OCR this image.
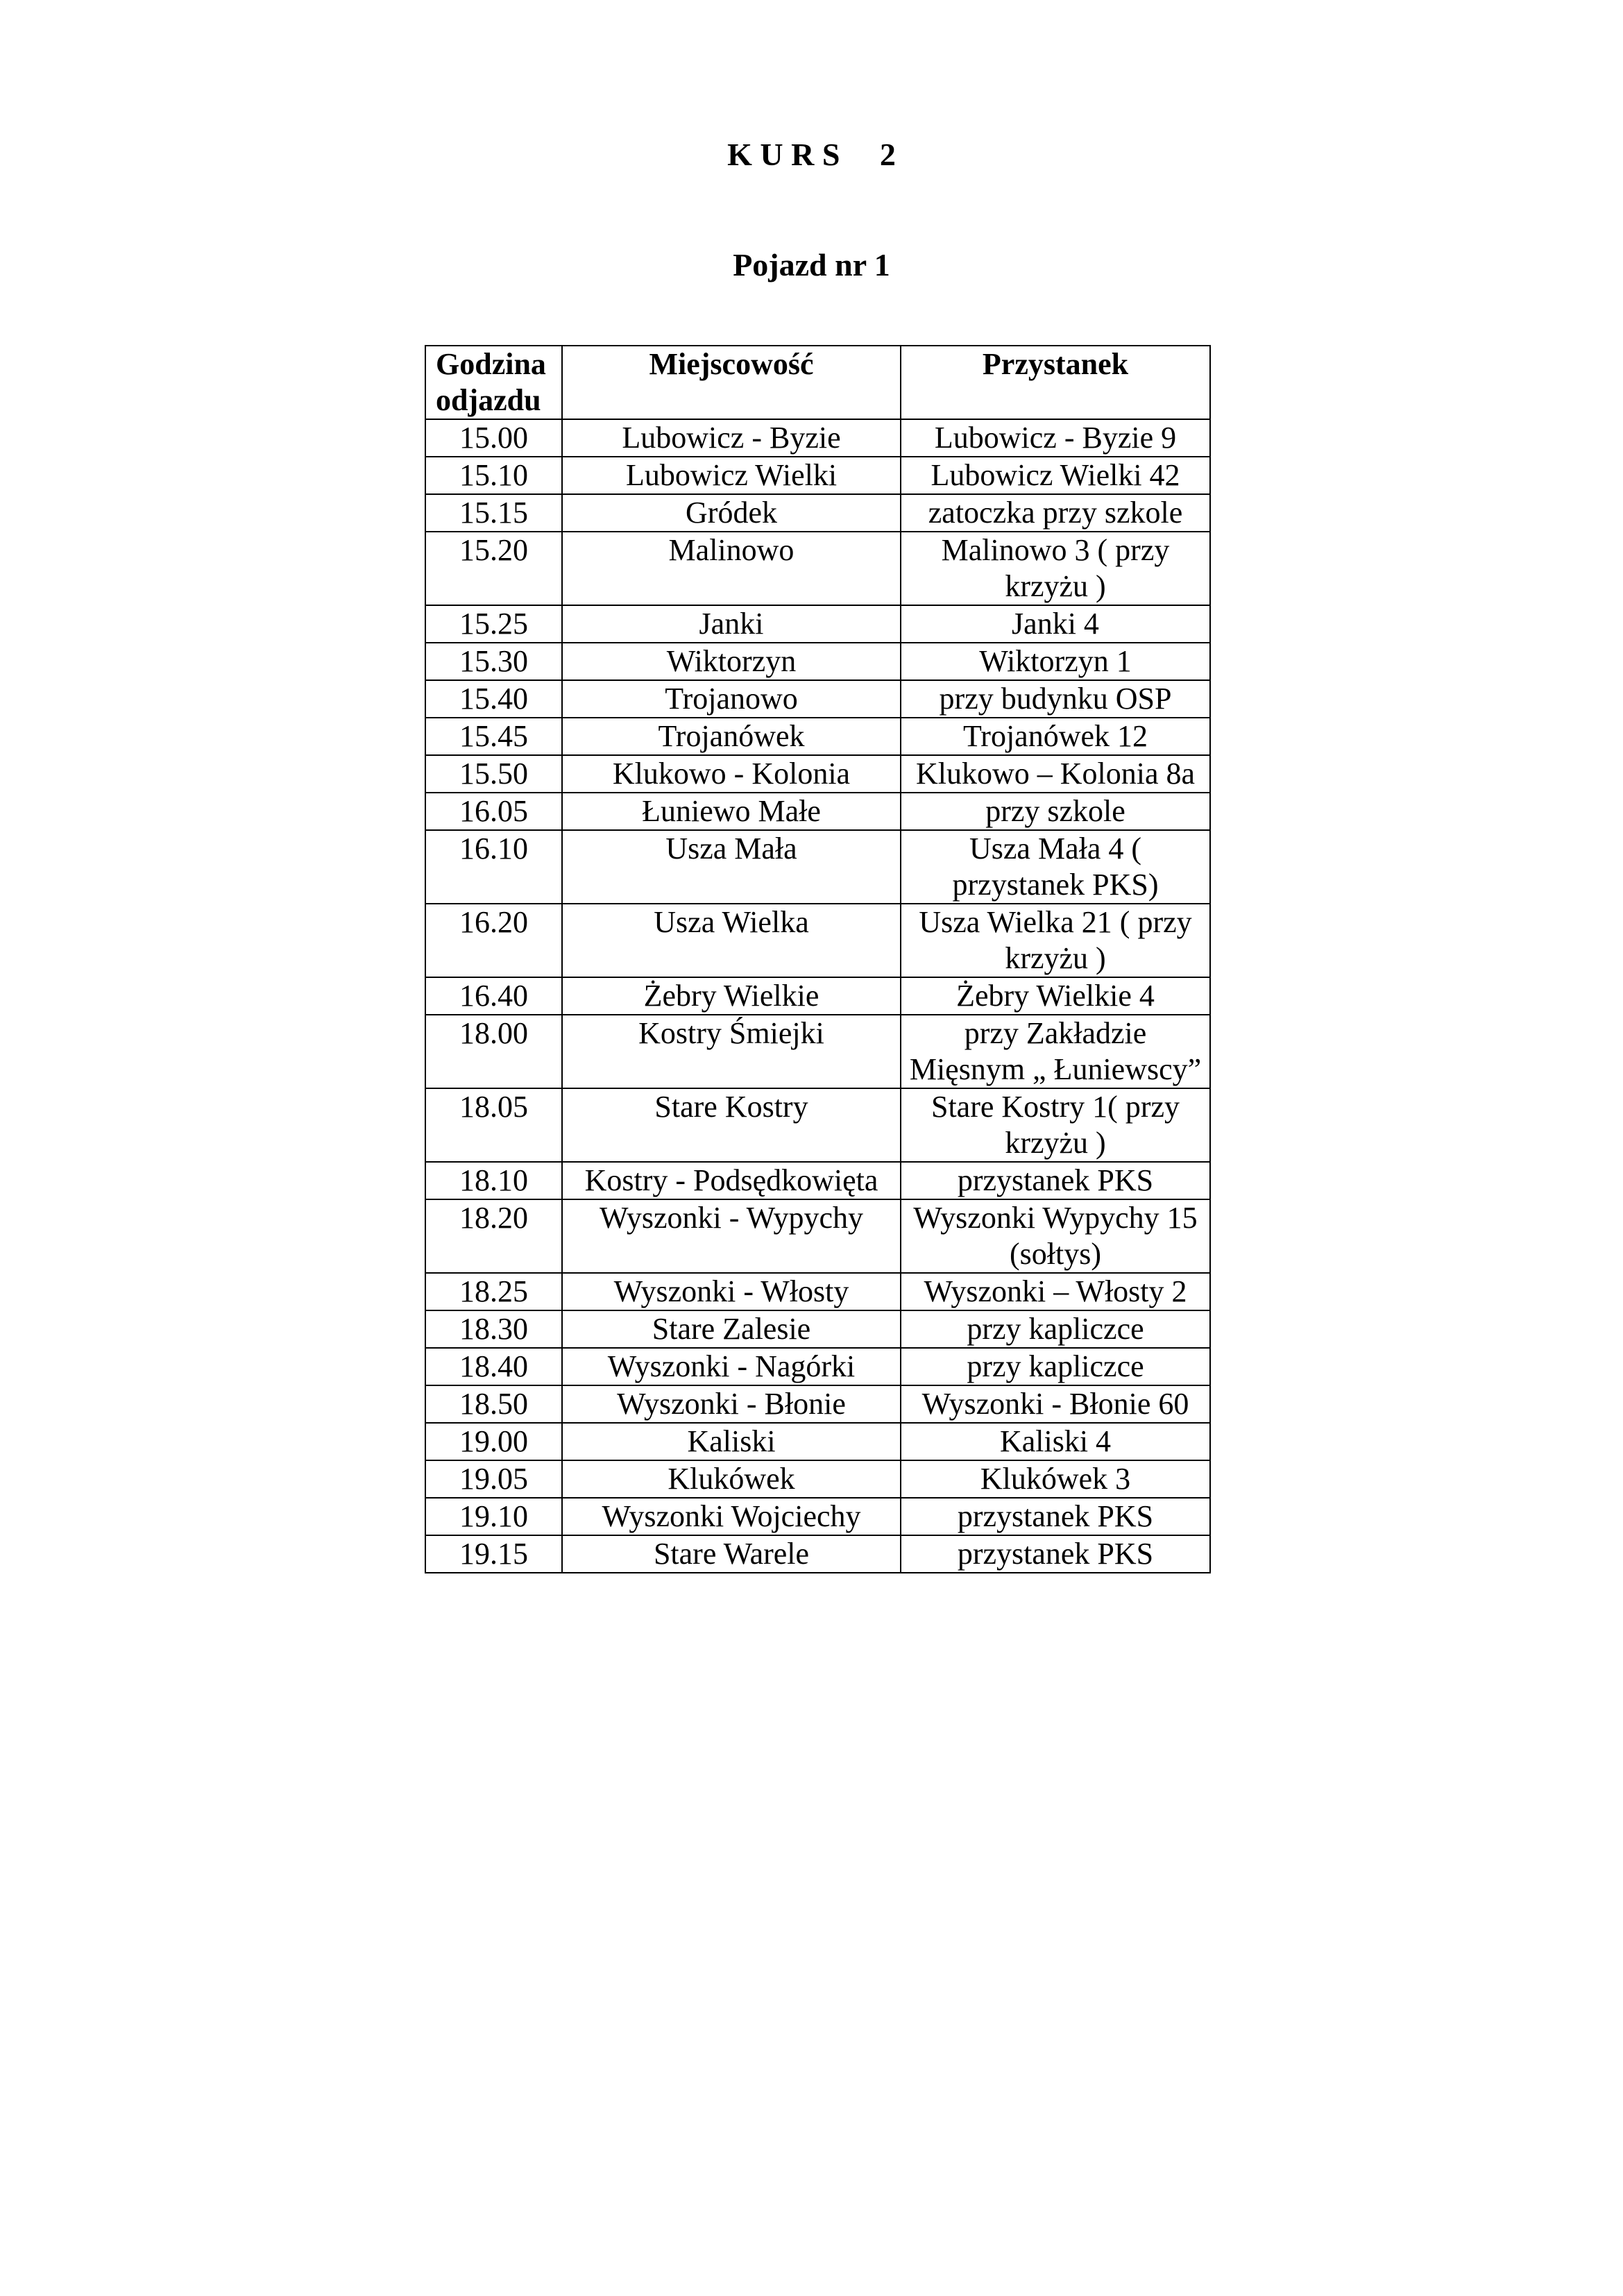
K U R S     2
Pojazd nr 1
Godzina odjazdu	Miejscowość	Przystanek
15.00	Lubowicz - Byzie	Lubowicz - Byzie 9
15.10	Lubowicz Wielki	Lubowicz Wielki 42
15.15	Gródek	zatoczka przy szkole
15.20	Malinowo	Malinowo 3 ( przy krzyżu )
15.25	Janki	Janki 4
15.30	Wiktorzyn	Wiktorzyn 1
15.40	Trojanowo	przy budynku OSP
15.45	Trojanówek	Trojanówek 12
15.50	Klukowo - Kolonia	Klukowo – Kolonia 8a
16.05	Łuniewo Małe	przy szkole
16.10	Usza Mała	Usza Mała 4 ( przystanek PKS)
16.20	Usza Wielka	Usza Wielka 21 ( przy krzyżu )
16.40	Żebry Wielkie	Żebry Wielkie 4
18.00	Kostry Śmiejki	przy Zakładzie Mięsnym „ Łuniewscy”
18.05	Stare Kostry	Stare Kostry 1( przy krzyżu )
18.10	Kostry - Podsędkowięta	przystanek PKS
18.20	Wyszonki - Wypychy	Wyszonki Wypychy 15 (sołtys)
18.25	Wyszonki - Włosty	Wyszonki – Włosty 2
18.30	Stare Zalesie	przy kapliczce
18.40	Wyszonki - Nagórki	przy kapliczce
18.50	Wyszonki - Błonie	Wyszonki - Błonie 60
19.00	Kaliski	Kaliski 4
19.05	Klukówek	Klukówek 3
19.10	Wyszonki Wojciechy	przystanek PKS
19.15	Stare Warele	przystanek PKS
